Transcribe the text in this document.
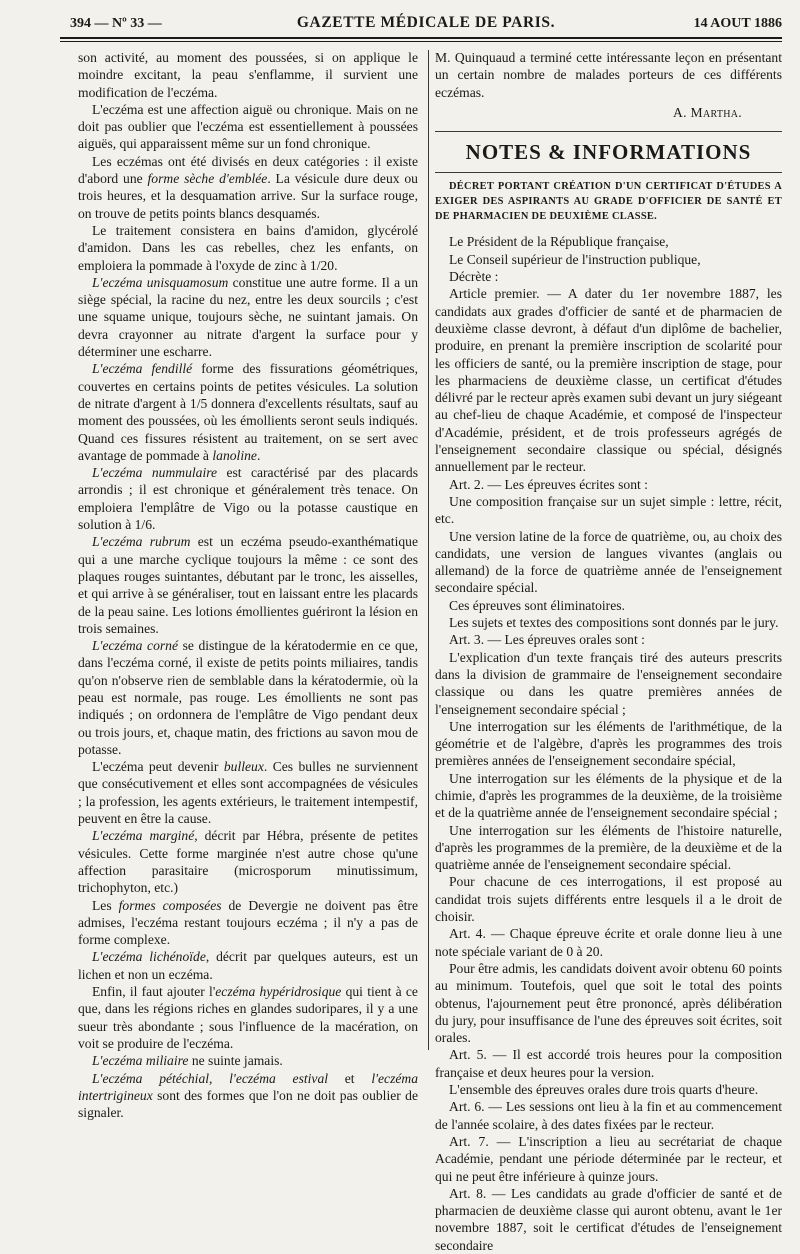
394 — Nº 33 —	GAZETTE MÉDICALE DE PARIS.	14 AOUT 1886

son activité, au moment des poussées, si on applique le moindre excitant, la peau s'enflamme, il survient une modification de l'eczéma.

L'eczéma est une affection aiguë ou chronique. Mais on ne doit pas oublier que l'eczéma est essentiellement à poussées aiguës, qui apparaissent même sur un fond chronique.

Les eczémas ont été divisés en deux catégories : il existe d'abord une forme sèche d'emblée. La vésicule dure deux ou trois heures, et la desquamation arrive. Sur la surface rouge, on trouve de petits points blancs desquamés.

Le traitement consistera en bains d'amidon, glycérolé d'amidon. Dans les cas rebelles, chez les enfants, on emploiera la pommade à l'oxyde de zinc à 1/20.

L'eczéma unisquamosum constitue une autre forme. Il a un siège spécial, la racine du nez, entre les deux sourcils ; c'est une squame unique, toujours sèche, ne suintant jamais. On devra crayonner au nitrate d'argent la surface pour y déterminer une escharre.

L'eczéma fendillé forme des fissurations géométriques, couvertes en certains points de petites vésicules. La solution de nitrate d'argent à 1/5 donnera d'excellents résultats, sauf au moment des poussées, où les émollients seront seuls indiqués. Quand ces fissures résistent au traitement, on se sert avec avantage de pommade à lanoline.

L'eczéma nummulaire est caractérisé par des placards arrondis ; il est chronique et généralement très tenace. On emploiera l'emplâtre de Vigo ou la potasse caustique en solution à 1/6.

L'eczéma rubrum est un eczéma pseudo-exanthématique qui a une marche cyclique toujours la même : ce sont des plaques rouges suintantes, débutant par le tronc, les aisselles, et qui arrive à se généraliser, tout en laissant entre les placards de la peau saine. Les lotions émollientes guériront la lésion en trois semaines.

L'eczéma corné se distingue de la kératodermie en ce que, dans l'eczéma corné, il existe de petits points miliaires, tandis qu'on n'observe rien de semblable dans la kératodermie, où la peau est normale, pas rouge. Les émollients ne sont pas indiqués ; on ordonnera de l'emplâtre de Vigo pendant deux ou trois jours, et, chaque matin, des frictions au savon mou de potasse.

L'eczéma peut devenir bulleux. Ces bulles ne surviennent que consécutivement et elles sont accompagnées de vésicules ; la profession, les agents extérieurs, le traitement intempestif, peuvent en être la cause.

L'eczéma marginé, décrit par Hébra, présente de petites vésicules. Cette forme marginée n'est autre chose qu'une affection parasitaire (microsporum minutissimum, trichophyton, etc.)

Les formes composées de Devergie ne doivent pas être admises, l'eczéma restant toujours eczéma ; il n'y a pas de forme complexe.

L'eczéma lichénoïde, décrit par quelques auteurs, est un lichen et non un eczéma.

Enfin, il faut ajouter l'eczéma hypéridrosique qui tient à ce que, dans les régions riches en glandes sudoripares, il y a une sueur très abondante ; sous l'influence de la macération, on voit se produire de l'eczéma.

L'eczéma miliaire ne suinte jamais.

L'eczéma pétéchial, l'eczéma estival et l'eczéma intertrigineux sont des formes que l'on ne doit pas oublier de signaler.

M. Quinquaud a terminé cette intéressante leçon en présentant un certain nombre de malades porteurs de ces différents eczémas.

A. Martha.
NOTES & INFORMATIONS

DÉCRET PORTANT CRÉATION D'UN CERTIFICAT D'ÉTUDES A EXIGER DES ASPIRANTS AU GRADE D'OFFICIER DE SANTÉ ET DE PHARMACIEN DE DEUXIÈME CLASSE.

Le Président de la République française,
Le Conseil supérieur de l'instruction publique,
Décrète :

Article premier. — A dater du 1er novembre 1887, les candidats aux grades d'officier de santé et de pharmacien de deuxième classe devront, à défaut d'un diplôme de bachelier, produire, en prenant la première inscription de scolarité pour les officiers de santé, ou la première inscription de stage, pour les pharmaciens de deuxième classe, un certificat d'études délivré par le recteur après examen subi devant un jury siégeant au chef-lieu de chaque Académie, et composé de l'inspecteur d'Académie, président, et de trois professeurs agrégés de l'enseignement secondaire classique ou spécial, désignés annuellement par le recteur.

Art. 2. — Les épreuves écrites sont :

Une composition française sur un sujet simple : lettre, récit, etc.

Une version latine de la force de quatrième, ou, au choix des candidats, une version de langues vivantes (anglais ou allemand) de la force de quatrième année de l'enseignement secondaire spécial.

Ces épreuves sont éliminatoires.

Les sujets et textes des compositions sont donnés par le jury.

Art. 3. — Les épreuves orales sont :

L'explication d'un texte français tiré des auteurs prescrits dans la division de grammaire de l'enseignement secondaire classique ou dans les quatre premières années de l'enseignement secondaire spécial ;

Une interrogation sur les éléments de l'arithmétique, de la géométrie et de l'algèbre, d'après les programmes des trois premières années de l'enseignement secondaire spécial,

Une interrogation sur les éléments de la physique et de la chimie, d'après les programmes de la deuxième, de la troisième et de la quatrième année de l'enseignement secondaire spécial ;

Une interrogation sur les éléments de l'histoire naturelle, d'après les programmes de la première, de la deuxième et de la quatrième année de l'enseignement secondaire spécial.

Pour chacune de ces interrogations, il est proposé au candidat trois sujets différents entre lesquels il a le droit de choisir.

Art. 4. — Chaque épreuve écrite et orale donne lieu à une note spéciale variant de 0 à 20.

Pour être admis, les candidats doivent avoir obtenu 60 points au minimum. Toutefois, quel que soit le total des points obtenus, l'ajournement peut être prononcé, après délibération du jury, pour insuffisance de l'une des épreuves soit écrites, soit orales.

Art. 5. — Il est accordé trois heures pour la composition française et deux heures pour la version.

L'ensemble des épreuves orales dure trois quarts d'heure.

Art. 6. — Les sessions ont lieu à la fin et au commencement de l'année scolaire, à des dates fixées par le recteur.

Art. 7. — L'inscription a lieu au secrétariat de chaque Académie, pendant une période déterminée par le recteur, et qui ne peut être inférieure à quinze jours.

Art. 8. — Les candidats au grade d'officier de santé et de pharmacien de deuxième classe qui auront obtenu, avant le 1er novembre 1887, soit le certificat d'études de l'enseignement secondaire
